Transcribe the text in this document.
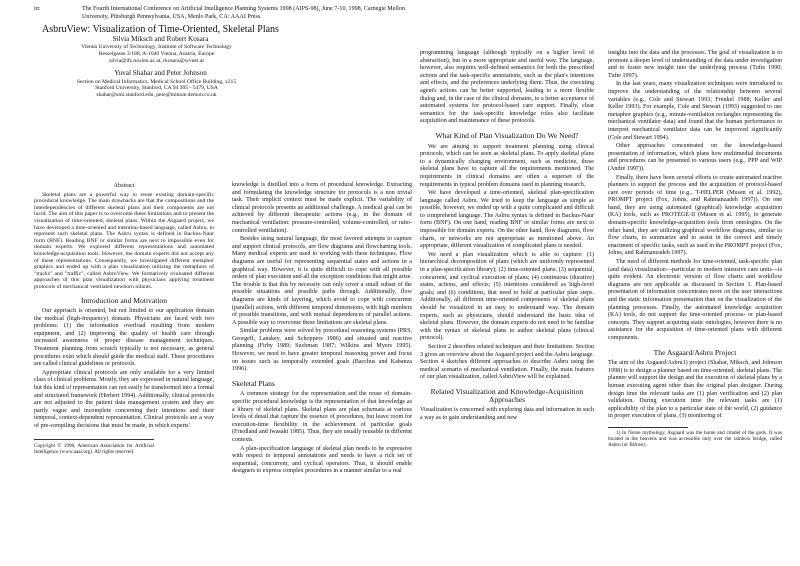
in:	The Fourth International Conference on Artificial Intelligence Planning Systems 1998 (AIPS-98), June 7-10, 1998, Carnegie Mellon University, Pittsburgh Pennsylvania, USA, Menlo Park, CA: AAAI Press.

AsbruView: Visualization of Time-Oriented, Skeletal Plans

Silvia Miksch and Robert Kosara

Vienna University of Technology, Institute of Software Technology
Resselgasse 3/188, A-1040 Vienna, Austria, Europe
silvia@ifs.tuwien.ac.at, rkosara@wvnet.at

Yuval Shahar and Peter Johnson

Section on Medical Informatics, Medical School Office Building, x215
Stanford University, Stanford, CA 94 305 - 5479, USA
shahar@smi.stanford.edu, pete@minnie.demon.co.uk
Abstract

Skeletal plans are a powerful way to reuse existing domain-specific procedural knowledge. The main drawbacks are that the compositions and the interdependencies of different skeletal plans and their components are not lucid. The aim of this paper is to overcome these limitations and to present the visualization of time-oriented, skeletal plans. Within the Asgaard project, we have developed a time-oriented and intention-based language, called Asbru, to represent such skeletal plans. The Asbru syntax is defined in Backus-Naur form (BNF). Reading BNF or similar forms are next to impossible even for domain experts. We explored different representations and automated knowledge-acquisition tools. However, the domain experts did not accept any of these representations. Consequently, we investigated different metaphor graphics and ended up with a plan visualization utilizing the metaphors of "tracks" and "traffic", called AsbruView. We formatively evaluated different approaches of this plan visualization with physicians applying treatment protocols of mechanical ventilated newborn infants.

Introduction and Motivation

Our approach is oriented, but not limited to our application domain the medical (high-frequency) domain. Physicians are faced with two problems: (1) the information overload resulting from modern equipment, and (2) improving the quality of health care through increased awareness of proper disease management techniques. Treatment planning from scratch typically is not necessary, as general procedures exist which should guide the medical staff. These procedures are called clinical guidelines or protocols.

Appropriate clinical protocols are only available for a very limited class of clinical problems. Mostly, they are expressed in natural language, but this kind of representation can not easily be transformed into a formal and structured framework (Herbert 1994). Additionally, clinical protocols are not adjusted to the patient data management system and they are partly vague and incomplete concerning their intentions and their temporal, context-dependent representation. Clinical protocols are a way of pre-compiling decisions that must be made, in which experts'

Copyright © 1998, American Association for Artificial Intelligence (www.aaai.org). All rights reserved.

knowledge is distilled into a form of procedural knowledge. Extracting and formulating the knowledge structure for protocols is a non trivial task. Their implicit context must be made explicit. The variability of clinical protocols presents an additional challenge. A medical goal can be achieved by different therapeutic actions (e.g., in the domain of mechanical ventilation: pressure-controlled, volume-controlled, or ratio-controlled ventilation).

Besides using natural language, the most favored attempts to capture and support clinical protocols, are flow diagrams and flowcharting tools. Many medical experts are used to working with these techniques. Flow diagrams are useful for representing sequential states and actions in a graphical way. However, it is quite difficult to cope with all possible orders of plan execution and all the exception conditions that might arise. The trouble is that this by necessity can only cover a small subset of the possible situations and possible paths through. Additionally, flow diagrams are kinds of layering, which avoid to cope with concurrent (parallel) actions, with different temporal dimensions, with high numbers of possible transitions, and with mutual dependences of parallel actions. A possible way to overcome these limitations are skeletal plans.

Similar problems were solved by procedural reasoning systems (PRS, Georgeff, Lanskey, and Schoppers 1986) and situated and reactive planning (Firby 1989; Suchman 1987; Wilkins and Myers 1995). However, we need to have greater temporal reasoning power and focus on issues such as temporally extended goals (Bacchus and Kabanza 1996).

Skeletal Plans

A common strategy for the representation and the reuse of domain-specific procedural knowledge is the representation of that knowledge as a library of skeletal plans. Skeletal plans are plan schemata at various levels of detail that capture the essence of procedures, but leave room for execution-time flexibility in the achievement of particular goals (Friedland and Iwasaki 1985). Thus, they are usually reusable in different contexts.

A plan-specification language of skeletal plan needs to be expressive with respect to temporal annotations and needs to have a rich set of sequential, concurrent, and cyclical operators. Thus, it should enable designers to express complex procedures in a manner similar to a real

programming language (although typically on a higher level of abstraction), but in a more appropriate and useful way. The language, however, also requires well-defined semantics for both the prescribed actions and the task-specific annotations, such as the plan's intentions and effects, and the preferences underlying them. Thus, the executing agent's actions can be better supported, leading to a more flexible dialog and, in the case of the clinical domains, to a better acceptance of automated systems for protocol-based care support. Finally, clear semantics for the task-specific knowledge roles also facilitate acquisition and maintenance of these protocols.

What Kind of Plan Visualization Do We Need?

We are aiming to support treatment planning using clinical protocols, which can be seen as skeletal plans. To apply skeletal plans to a dynamically changing environment, such as medicine, these skeletal plans have to capture all the requirements mentioned. The requirements in clinical domains are often a superset of the requirements in typical problem domains used in planning research.

We have developed a time-oriented, skeletal plan-specification language called Asbru. We tried to keep the language as simple as possible, however, we ended up with a quite complicated and difficult to comprehend language. The Asbru syntax is defined in Backus-Naur form (BNF). On one hand, reading BNF or similar forms are next to impossible for domain experts. On the other hand, flow diagrams, flow charts, or networks are not appropriate as mentioned above. An appropriate, different visualization of complicated plans is needed.

We need a plan visualization which is able to capture: (1) hierarchical decomposition of plans (which are uniformly represented in a plan-specification library); (2) time-oriented plans; (3) sequential, concurrent, and cyclical execution of plans; (4) continuous (durative) states, actions, and effects; (5) intentions considered as high-level goals; and (6) conditions, that need to hold at particular plan steps. Additionally, all different time-oriented components of skeletal plans should be visualized in an easy to understand way. The domain experts, such as physicians, should understand the basic idea of skeletal plans. However, the domain experts do not need to be familiar with the syntax of skeletal plans to author skeletal plans (clinical protocol).

Section 2 describes related techniques and their limitations. Section 3 gives an overview about the Asgaard project and the Asbru language. Section 4 sketches different approaches to describe Asbru using the medical scenario of mechanical ventilation. Finally, the main features of our plan visualization, called AsbruView will be explained.

Related Visualization and Knowledge-Acquisition Approaches

Visualization is concerned with exploring data and information in such a way as to gain understanding and new

insights into the data and the processes. The goal of visualization is to promote a deeper level of understanding of the data under investigation and to foster new insight into the underlying process (Tufte 1990; Tufte 1997).

In the last years, many visualization techniques were introduced to improve the understanding of the relationship between several variables (e.g., Cole and Stewart 1993; Frenkel 1988; Keller and Keller 1993). For example, Cole and Stewart (1993) suggested to use metaphor graphics (e.g., minute-ventilation rectangles representing the mechanical ventilator data) and found that the human performance to interpret mechanical ventilator data can be improved significantly (Cole and Stewart 1994).

Other approaches concentrated on the knowledge-based presentation of information, which plans how multimedial documents and procedures can be presented to various users (e.g., PPP and WIP (André 1997)).

Finally, there have been several efforts to create automated reactive planners to support the process and the acquisition of protocol-based care over periods of time (e.g., T-HELPER (Musen et al. 1992), PROMPT project (Fox, Johns, and Rahmanzadeh 1997)). On one hand, they are using automated (graphical) knowledge acquisition (KA) tools, such as PROTÉGÉ-II (Musen et al. 1995), to generate domain-specific knowledge-acquisition tools from ontologies. On the other hand, they are utilizing graphical workflow diagrams, similar to flow charts, to summarize and to assist in the correct and timely enactment of specific tasks, such as used in the PROMPT project (Fox, Johns, and Rahmanzadeh 1997).

The need of different methods for time-oriented, task-specific plan (and data) visualization—particular in modern intensive care units—is quite evident. An electronic version of flow charts and workflow diagrams are not applicable as discussed in Section 1. Plan-based presentation of information concentrates more on the user interactions and the static information presentation than on the visualization of the planning processes. Finally, the automated knowledge acquisition (KA) tools, do not support the time-oriented process- or plan-based concepts. They support acquiring static ontologies, however there is no assistance for the acquisition of time-oriented plans with different components.

The Asgaard/Asbru Project

The aim of the Asgaard/Asbru1) project (Shahar, Miksch, and Johnson 1998) is to design a planner based on time-oriented, skeletal plans. The planner will support the design and the execution of skeletal plans by a human executing agent other than the original plan designer. During design time the relevant tasks are (1) plan verification and (2) plan validation. During execution time the relevant tasks are (1) applicability of the plan to a particular state of the world, (2) guidance in proper execution of plans, (3) monitoring of

1) In Norse mythology, Asgaard was the home and citadel of the gods. It was located in the heavens and was accessible only over the rainbow bridge, called Asbru (or Bifrost).
